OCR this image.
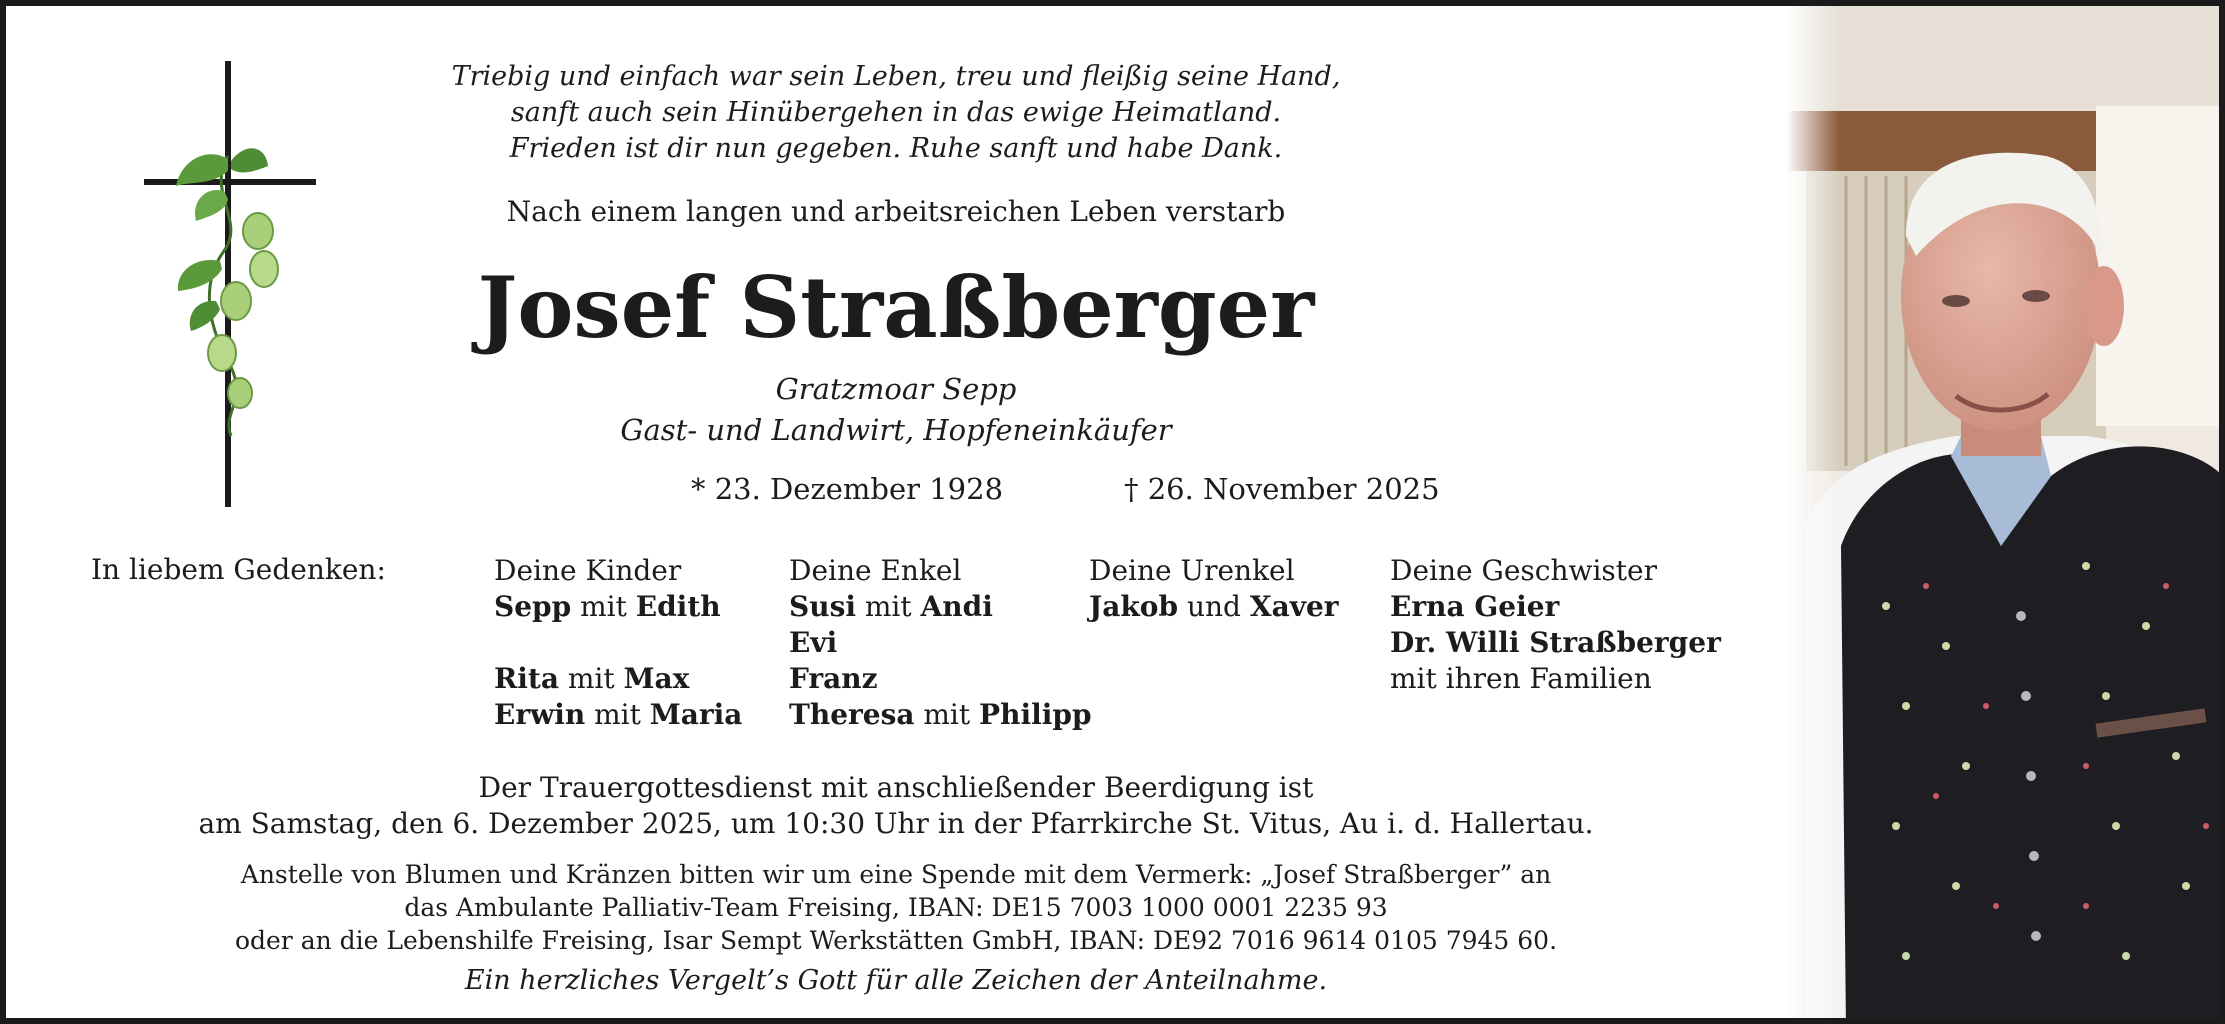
Triebig und einfach war sein Leben, treu und fleißig seine Hand,
sanft auch sein Hinübergehen in das ewige Heimatland.
Frieden ist dir nun gegeben. Ruhe sanft und habe Dank.
Nach einem langen und arbeitsreichen Leben verstarb
Josef Straßberger
Gratzmoar Sepp
Gast- und Landwirt, Hopfeneinkäufer
* 23. Dezember 1928	† 26. November 2025
In liebem Gedenken:	Deine Kinder
Sepp mit Edith
Rita mit Max
Erwin mit Maria
Deine Enkel
Susi mit Andi
Evi
Franz
Theresa mit Philipp
Deine Urenkel
Jakob und Xaver
Deine Geschwister
Erna Geier
Dr. Willi Straßberger
mit ihren Familien
Der Trauergottesdienst mit anschließender Beerdigung ist
am Samstag, den 6. Dezember 2025, um 10:30 Uhr in der Pfarrkirche St. Vitus, Au i. d. Hallertau.
Anstelle von Blumen und Kränzen bitten wir um eine Spende mit dem Vermerk: „Josef Straßberger” an
das Ambulante Palliativ-Team Freising, IBAN: DE15 7003 1000 0001 2235 93
oder an die Lebenshilfe Freising, Isar Sempt Werkstätten GmbH, IBAN: DE92 7016 9614 0105 7945 60.
Ein herzliches Vergelt’s Gott für alle Zeichen der Anteilnahme.
